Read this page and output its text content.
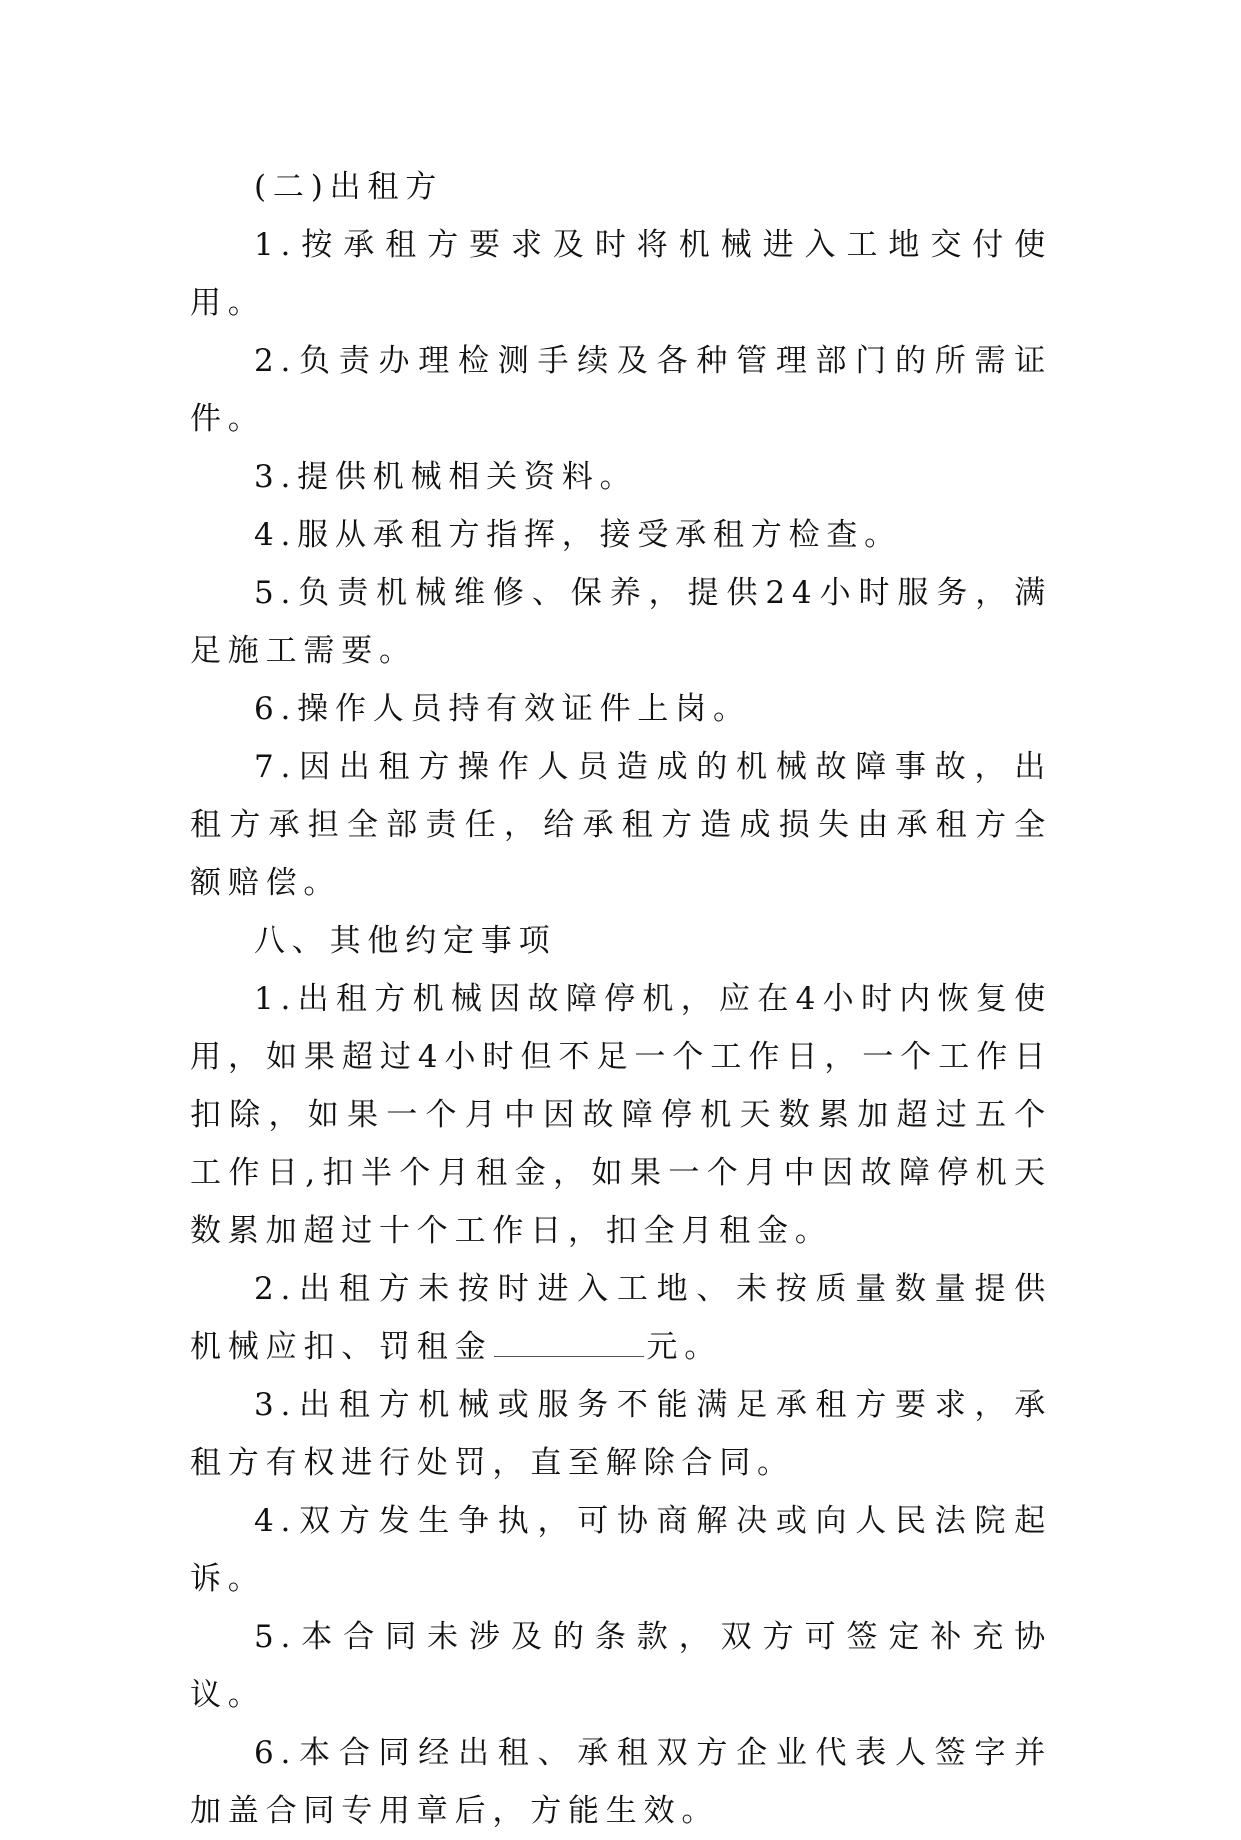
(二)出租方

1.按承租方要求及时将机械进入工地交付使用。

2.负责办理检测手续及各种管理部门的所需证件。

3.提供机械相关资料。

4.服从承租方指挥，接受承租方检查。

5.负责机械维修、保养，提供24小时服务，满足施工需要。

6.操作人员持有效证件上岗。

7.因出租方操作人员造成的机械故障事故，出租方承担全部责任，给承租方造成损失由承租方全额赔偿。

八、其他约定事项

1.出租方机械因故障停机，应在4小时内恢复使用，如果超过4小时但不足一个工作日，一个工作日扣除，如果一个月中因故障停机天数累加超过五个工作日,扣半个月租金，如果一个月中因故障停机天数累加超过十个工作日，扣全月租金。

2.出租方未按时进入工地、未按质量数量提供机械应扣、罚租金	元。

3.出租方机械或服务不能满足承租方要求，承租方有权进行处罚，直至解除合同。

4.双方发生争执，可协商解决或向人民法院起诉。

5.本合同未涉及的条款，双方可签定补充协议。

6.本合同经出租、承租双方企业代表人签字并加盖合同专用章后，方能生效。
